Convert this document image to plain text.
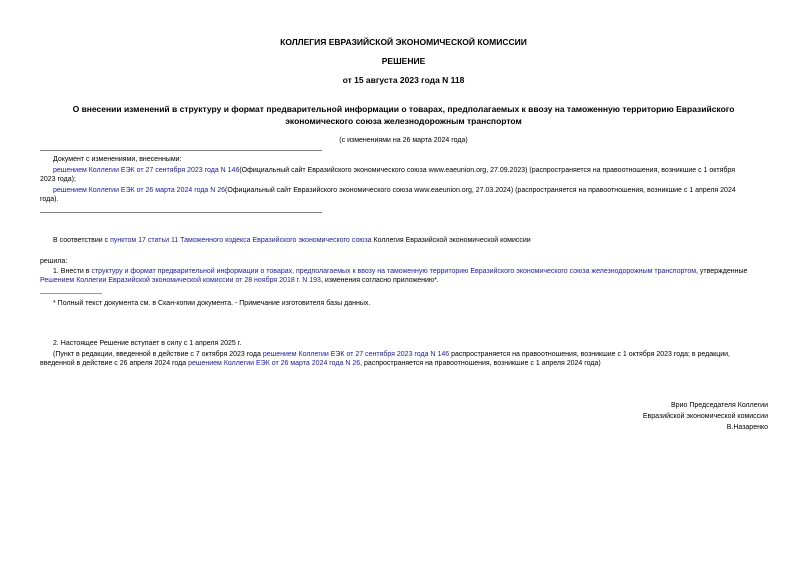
КОЛЛЕГИЯ ЕВРАЗИЙСКОЙ ЭКОНОМИЧЕСКОЙ КОМИССИИ
РЕШЕНИЕ
от 15 августа 2023 года N 118
О внесении изменений в структуру и формат предварительной информации о товарах, предполагаемых к ввозу на таможенную территорию Евразийского
экономического союза железнодорожным транспортом
(с изменениями на 26 марта 2024 года)
Документ с изменениями, внесенными:

решением Коллегии ЕЭК от 27 сентября 2023 года N 146(Официальный сайт Евразийского экономического союза www.eaeunion.org, 27.09.2023) (распространяется на правоотношения, возникшие с 1 октября

2023 года);

решением Коллегии ЕЭК от 26 марта 2024 года N 26(Официальный сайт Евразийского экономического союза www.eaeunion.org, 27.03.2024) (распространяется на правоотношения, возникшие с 1 апреля 2024

года).

В соответствии с пунктом 17 статьи 11 Таможенного кодекса Евразийского экономического союза Коллегия Евразийской экономической комиссии
решила:

1. Внести в структуру и формат предварительной информации о товарах, предполагаемых к ввозу на таможенную территорию Евразийского экономического союза железнодорожным транспортом, утвержденные

Решением Коллегии Евразийской экономической комиссии от 28 ноября 2018 г. N 193, изменения согласно приложению*.

* Полный текст документа см. в Скан-копии документа. - Примечание изготовителя базы данных.
2. Настоящее Решение вступает в силу с 1 апреля 2025 г.

(Пункт в редакции, введенной в действие с 7 октября 2023 года решением Коллегии ЕЭК от 27 сентября 2023 года N 146 распространяется на правоотношения, возникшие с 1 октября 2023 года; в редакции,

введенной в действие с 26 апреля 2024 года решением Коллегии ЕЭК от 26 марта 2024 года N 26, распространяется на правоотношения, возникшие с 1 апреля 2024 года)

Врио Председателя Коллегии
Евразийской экономической комиссии
В.Назаренко
